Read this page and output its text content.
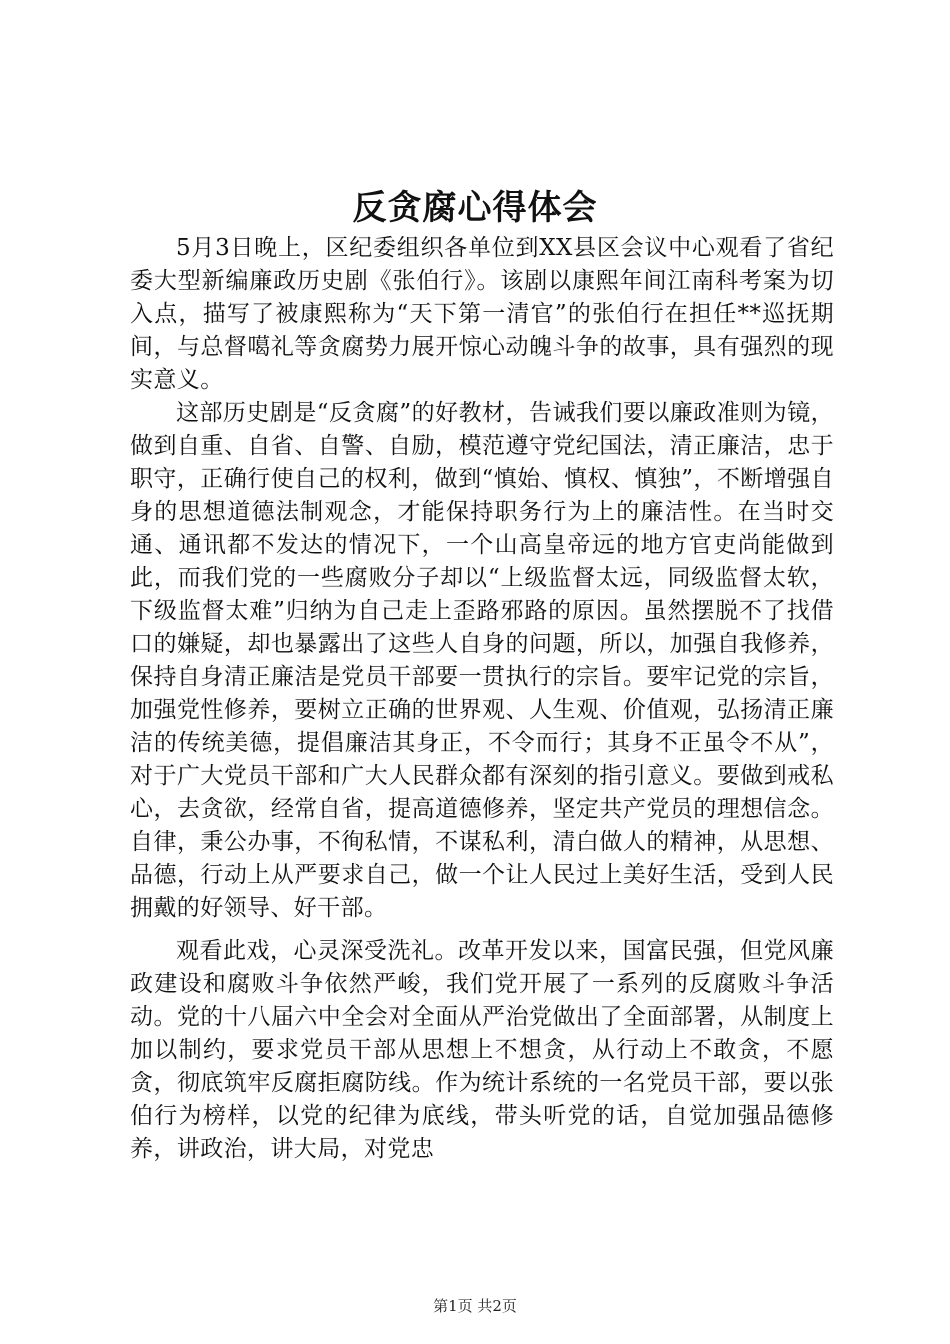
反贪腐心得体会

5月3日晚上，区纪委组织各单位到XX县区会议中心观看了省纪委大型新编廉政历史剧《张伯行》。该剧以康熙年间江南科考案为切入点，描写了被康熙称为“天下第一清官”的张伯行在担任**巡抚期间，与总督噶礼等贪腐势力展开惊心动魄斗争的故事，具有强烈的现实意义。

这部历史剧是“反贪腐”的好教材，告诫我们要以廉政准则为镜，做到自重、自省、自警、自励，模范遵守党纪国法，清正廉洁，忠于职守，正确行使自己的权利，做到“慎始、慎权、慎独”，不断增强自身的思想道德法制观念，才能保持职务行为上的廉洁性。在当时交通、通讯都不发达的情况下，一个山高皇帝远的地方官吏尚能做到此，而我们党的一些腐败分子却以“上级监督太远，同级监督太软，下级监督太难”归纳为自己走上歪路邪路的原因。虽然摆脱不了找借口的嫌疑，却也暴露出了这些人自身的问题，所以，加强自我修养，保持自身清正廉洁是党员干部要一贯执行的宗旨。要牢记党的宗旨，加强党性修养，要树立正确的世界观、人生观、价值观，弘扬清正廉洁的传统美德，提倡廉洁其身正，不令而行；其身不正虽令不从”，对于广大党员干部和广大人民群众都有深刻的指引意义。要做到戒私心，去贪欲，经常自省，提高道德修养，坚定共产党员的理想信念。自律，秉公办事，不徇私情，不谋私利，清白做人的精神，从思想、品德，行动上从严要求自己，做一个让人民过上美好生活，受到人民拥戴的好领导、好干部。

观看此戏，心灵深受洗礼。改革开发以来，国富民强，但党风廉政建设和腐败斗争依然严峻，我们党开展了一系列的反腐败斗争活动。党的十八届六中全会对全面从严治党做出了全面部署，从制度上加以制约，要求党员干部从思想上不想贪，从行动上不敢贪，不愿贪，彻底筑牢反腐拒腐防线。作为统计系统的一名党员干部，要以张伯行为榜样，以党的纪律为底线，带头听党的话，自觉加强品德修养，讲政治，讲大局，对党忠

第1页 共2页
